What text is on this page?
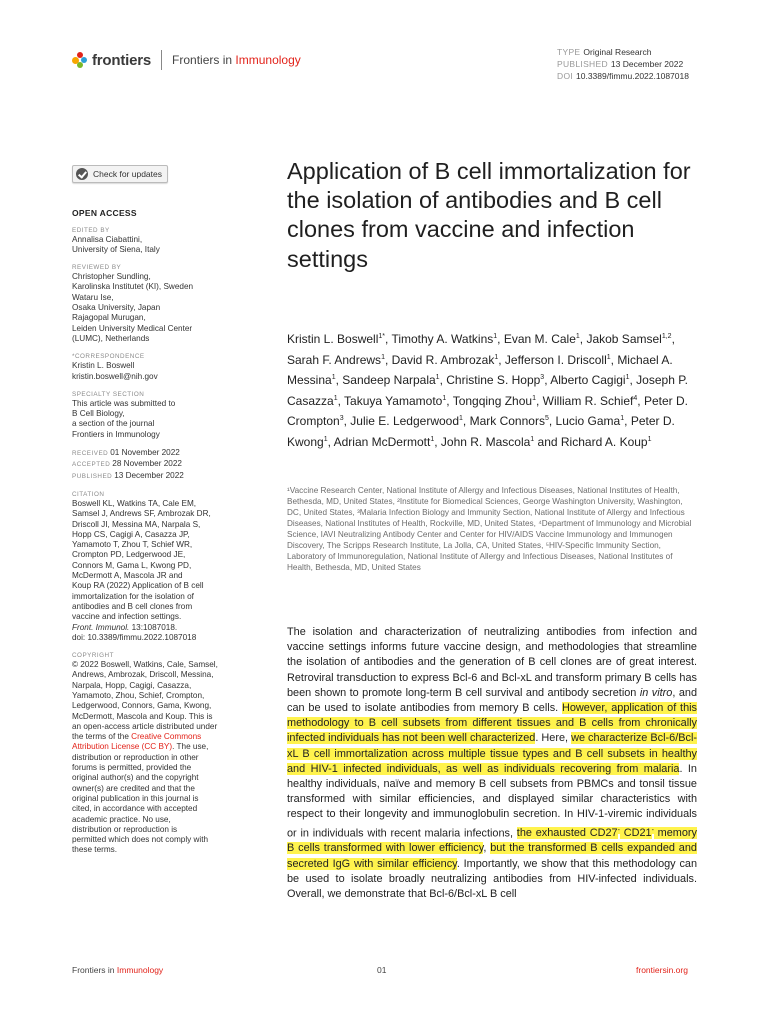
frontiers Frontiers in Immunology
TYPE Original Research
PUBLISHED 13 December 2022
DOI 10.3389/fimmu.2022.1087018
Check for updates
OPEN ACCESS
EDITED BY
Annalisa Ciabattini,
University of Siena, Italy
REVIEWED BY
Christopher Sundling,
Karolinska Institutet (KI), Sweden
Wataru Ise,
Osaka University, Japan
Rajagopal Murugan,
Leiden University Medical Center
(LUMC), Netherlands
*CORRESPONDENCE
Kristin L. Boswell
kristin.boswell@nih.gov
SPECIALTY SECTION
This article was submitted to
B Cell Biology,
a section of the journal
Frontiers in Immunology
RECEIVED 01 November 2022
ACCEPTED 28 November 2022
PUBLISHED 13 December 2022
CITATION
Boswell KL, Watkins TA, Cale EM,
Samsel J, Andrews SF, Ambrozak DR,
Driscoll JI, Messina MA, Narpala S,
Hopp CS, Cagigi A, Casazza JP,
Yamamoto T, Zhou T, Schief WR,
Crompton PD, Ledgerwood JE,
Connors M, Gama L, Kwong PD,
McDermott A, Mascola JR and
Koup RA (2022) Application of B cell
immortalization for the isolation of
antibodies and B cell clones from
vaccine and infection settings.
Front. Immunol. 13:1087018.
doi: 10.3389/fimmu.2022.1087018
COPYRIGHT
© 2022 Boswell, Watkins, Cale, Samsel,
Andrews, Ambrozak, Driscoll, Messina,
Narpala, Hopp, Cagigi, Casazza,
Yamamoto, Zhou, Schief, Crompton,
Ledgerwood, Connors, Gama, Kwong,
McDermott, Mascola and Koup. This is
an open-access article distributed under
the terms of the Creative Commons
Attribution License (CC BY). The use,
distribution or reproduction in other
forums is permitted, provided the
original author(s) and the copyright
owner(s) are credited and that the
original publication in this journal is
cited, in accordance with accepted
academic practice. No use,
distribution or reproduction is
permitted which does not comply with
these terms.
Application of B cell immortalization for the isolation of antibodies and B cell clones from vaccine and infection settings
Kristin L. Boswell$^{1*}$, Timothy A. Watkins$^1$, Evan M. Cale$^1$, Jakob Samsel$^{1,2}$, Sarah F. Andrews$^1$, David R. Ambrozak$^1$, Jefferson I. Driscoll$^1$, Michael A. Messina$^1$, Sandeep Narpala$^1$, Christine S. Hopp$^3$, Alberto Cagigi$^1$, Joseph P. Casazza$^1$, Takuya Yamamoto$^1$, Tongqing Zhou$^1$, William R. Schief$^4$, Peter D. Crompton$^3$, Julie E. Ledgerwood$^1$, Mark Connors$^5$, Lucio Gama$^1$, Peter D. Kwong$^1$, Adrian McDermott$^1$, John R. Mascola$^1$ and Richard A. Koup$^1$
¹Vaccine Research Center, National Institute of Allergy and Infectious Diseases, National Institutes of Health, Bethesda, MD, United States, ²Institute for Biomedical Sciences, George Washington University, Washington, DC, United States, ³Malaria Infection Biology and Immunity Section, National Institute of Allergy and Infectious Diseases, National Institutes of Health, Rockville, MD, United States, ⁴Department of Immunology and Microbial Science, IAVI Neutralizing Antibody Center and Center for HIV/AIDS Vaccine Immunology and Immunogen Discovery, The Scripps Research Institute, La Jolla, CA, United States, ⁵HIV-Specific Immunity Section, Laboratory of Immunoregulation, National Institute of Allergy and Infectious Diseases, National Institutes of Health, Bethesda, MD, United States
The isolation and characterization of neutralizing antibodies from infection and vaccine settings informs future vaccine design, and methodologies that streamline the isolation of antibodies and the generation of B cell clones are of great interest. Retroviral transduction to express Bcl-6 and Bcl-xL and transform primary B cells has been shown to promote long-term B cell survival and antibody secretion in vitro, and can be used to isolate antibodies from memory B cells. However, application of this methodology to B cell subsets from different tissues and B cells from chronically infected individuals has not been well characterized. Here, we characterize Bcl-6/Bcl-xL B cell immortalization across multiple tissue types and B cell subsets in healthy and HIV-1 infected individuals, as well as individuals recovering from malaria. In healthy individuals, naïve and memory B cell subsets from PBMCs and tonsil tissue transformed with similar efficiencies, and displayed similar characteristics with respect to their longevity and immunoglobulin secretion. In HIV-1-viremic individuals or in individuals with recent malaria infections, the exhausted CD27- CD21- memory B cells transformed with lower efficiency, but the transformed B cells expanded and secreted IgG with similar efficiency. Importantly, we show that this methodology can be used to isolate broadly neutralizing antibodies from HIV-infected individuals. Overall, we demonstrate that Bcl-6/Bcl-xL B cell
Frontiers in Immunology	01	frontiersin.org
